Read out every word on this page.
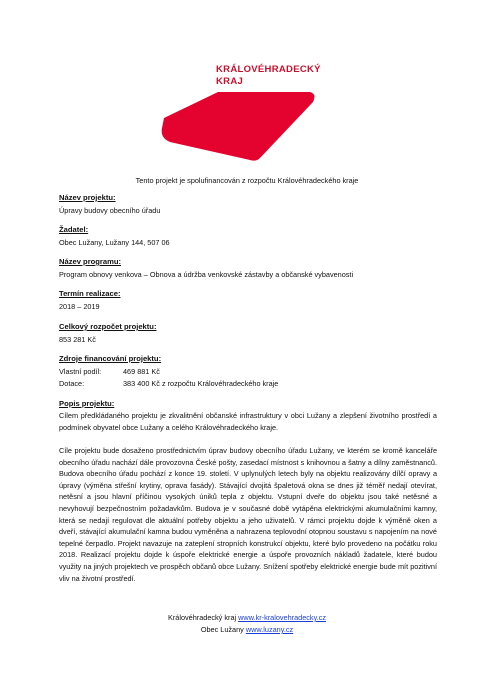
KRÁLOVÉHRADECKÝ
KRAJ
Tento projekt je spolufinancován z rozpočtu Královéhradeckého kraje
Název projektu:
Úpravy budovy obecního úřadu
Žadatel:
Obec Lužany, Lužany 144, 507 06
Název programu:
Program obnovy venkova – Obnova a údržba venkovské zástavby a občanské vybavenosti
Termín realizace:
2018 – 2019
Celkový rozpočet projektu:
853 281 Kč
Zdroje financování projektu:
Vlastní podíl:	469 881 Kč
Dotace:	383 400 Kč z rozpočtu Královéhradeckého kraje
Popis projektu:

Cílem předkládaného projektu je zkvalitnění občanské infrastruktury v obci Lužany a zlepšení životního prostředí a podmínek obyvatel obce Lužany a celého Královéhradeckého kraje.

Cíle projektu bude dosaženo prostřednictvím úprav budovy obecního úřadu Lužany, ve kterém se kromě kanceláře obecního úřadu nachází dále provozovna České pošty, zasedací místnost s knihovnou a šatny a dílny zaměstnanců. Budova obecního úřadu pochází z konce 19. století. V uplynulých letech byly na objektu realizovány dílčí opravy a úpravy (výměna střešní krytiny, oprava fasády). Stávající dvojitá špaletová okna se dnes již téměř nedají otevírat, netěsní a jsou hlavní příčinou vysokých úniků tepla z objektu. Vstupní dveře do objektu jsou také netěsné a nevyhovují bezpečnostním požadavkům. Budova je v současné době vytápěna elektrickými akumulačními kamny, která se nedají regulovat dle aktuální potřeby objektu a jeho uživatelů. V rámci projektu dojde k výměně oken a dveří, stávající akumulační kamna budou vyměněna a nahrazena teplovodní otopnou soustavu s napojením na nové tepelné čerpadlo. Projekt navazuje na zateplení stropních konstrukcí objektu, které bylo provedeno na počátku roku 2018. Realizací projektu dojde k úspoře elektrické energie a úspoře provozních nákladů žadatele, které budou využity na jiných projektech ve prospěch občanů obce Lužany. Snížení spotřeby elektrické energie bude mít pozitivní vliv na životní prostředí.

Královéhradecký kraj www.kr-kralovehradecky.cz
Obec Lužany www.luzany.cz
